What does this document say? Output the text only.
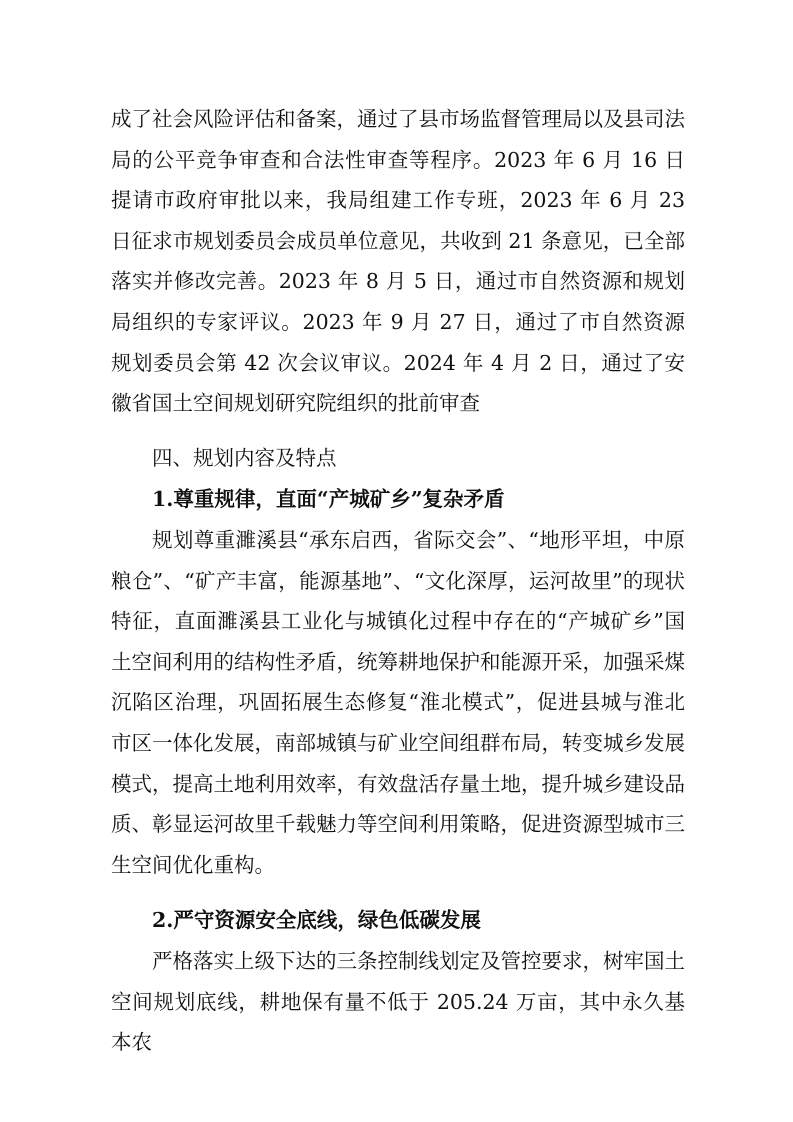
成了社会风险评估和备案，通过了县市场监督管理局以及县司法局的公平竞争审查和合法性审查等程序。2023 年 6 月 16 日提请市政府审批以来，我局组建工作专班，2023 年 6 月 23 日征求市规划委员会成员单位意见，共收到 21 条意见，已全部落实并修改完善。2023 年 8 月 5 日，通过市自然资源和规划局组织的专家评议。2023 年 9 月 27 日，通过了市自然资源规划委员会第 42 次会议审议。2024 年 4 月 2 日，通过了安徽省国土空间规划研究院组织的批前审查
四、规划内容及特点
1.尊重规律，直面“产城矿乡”复杂矛盾
规划尊重濉溪县“承东启西，省际交会”、“地形平坦，中原粮仓”、“矿产丰富，能源基地”、“文化深厚，运河故里”的现状特征，直面濉溪县工业化与城镇化过程中存在的“产城矿乡”国土空间利用的结构性矛盾，统筹耕地保护和能源开采，加强采煤沉陷区治理，巩固拓展生态修复“淮北模式”，促进县城与淮北市区一体化发展，南部城镇与矿业空间组群布局，转变城乡发展模式，提高土地利用效率，有效盘活存量土地，提升城乡建设品质、彰显运河故里千载魅力等空间利用策略，促进资源型城市三生空间优化重构。
2.严守资源安全底线，绿色低碳发展
严格落实上级下达的三条控制线划定及管控要求，树牢国土空间规划底线，耕地保有量不低于 205.24 万亩，其中永久基本农
